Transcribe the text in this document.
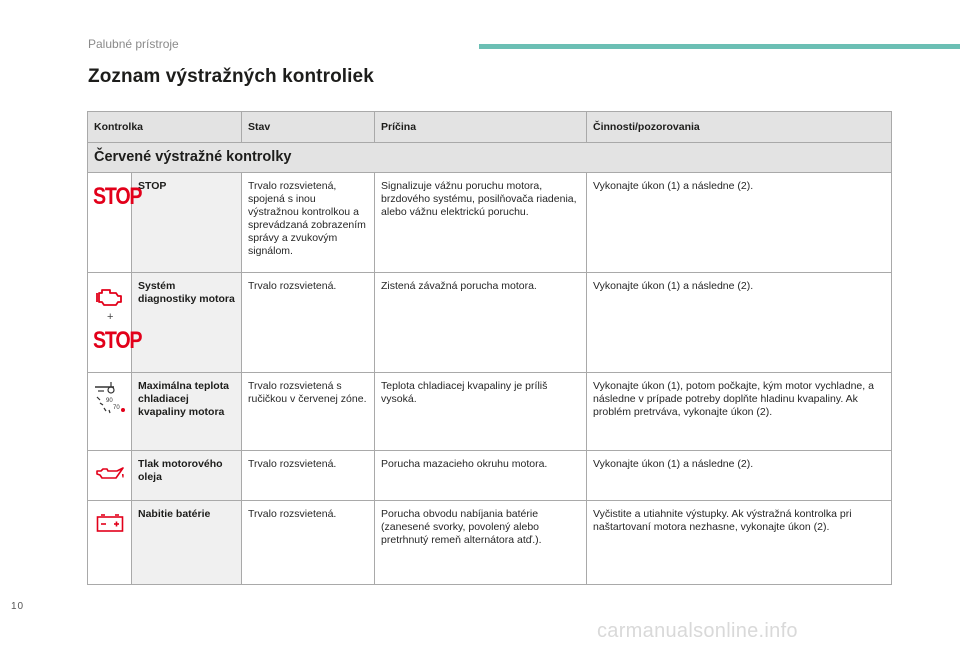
Palubné prístroje
Zoznam výstražných kontroliek
Kontrolka		Stav	Príčina	Činnosti/pozorovania
Červené výstražné kontrolky				

STOP	STOP	Trvalo rozsvietená, spojená s inou výstražnou kontrolkou a sprevádzaná zobrazením správy a zvukovým signálom.	Signalizuje vážnu poruchu motora, brzdového systému, posilňovača riadenia, alebo vážnu elektrickú poruchu.	Vykonajte úkon (1) a následne (2).

+
STOP	Systém diagnostiky motora	Trvalo rozsvietená.	Zistená závažná porucha motora.	Vykonajte úkon (1) a následne (2).

90
70	Maximálna teplota chladiacej kvapaliny motora	Trvalo rozsvietená s ručičkou v červenej zóne.	Teplota chladiacej kvapaliny je príliš vysoká.	Vykonajte úkon (1), potom počkajte, kým motor vychladne, a následne v prípade potreby doplňte hladinu kvapaliny. Ak problém pretrváva, vykonajte úkon (2).

	Tlak motorového oleja	Trvalo rozsvietená.	Porucha mazacieho okruhu motora.	Vykonajte úkon (1) a následne (2).

	Nabitie batérie	Trvalo rozsvietená.	Porucha obvodu nabíjania batérie (zanesené svorky, povolený alebo pretrhnutý remeň alternátora atď.).	Vyčistite a utiahnite výstupky. Ak výstražná kontrolka pri naštartovaní motora nezhasne, vykonajte úkon (2).
10
carmanualsonline.info
